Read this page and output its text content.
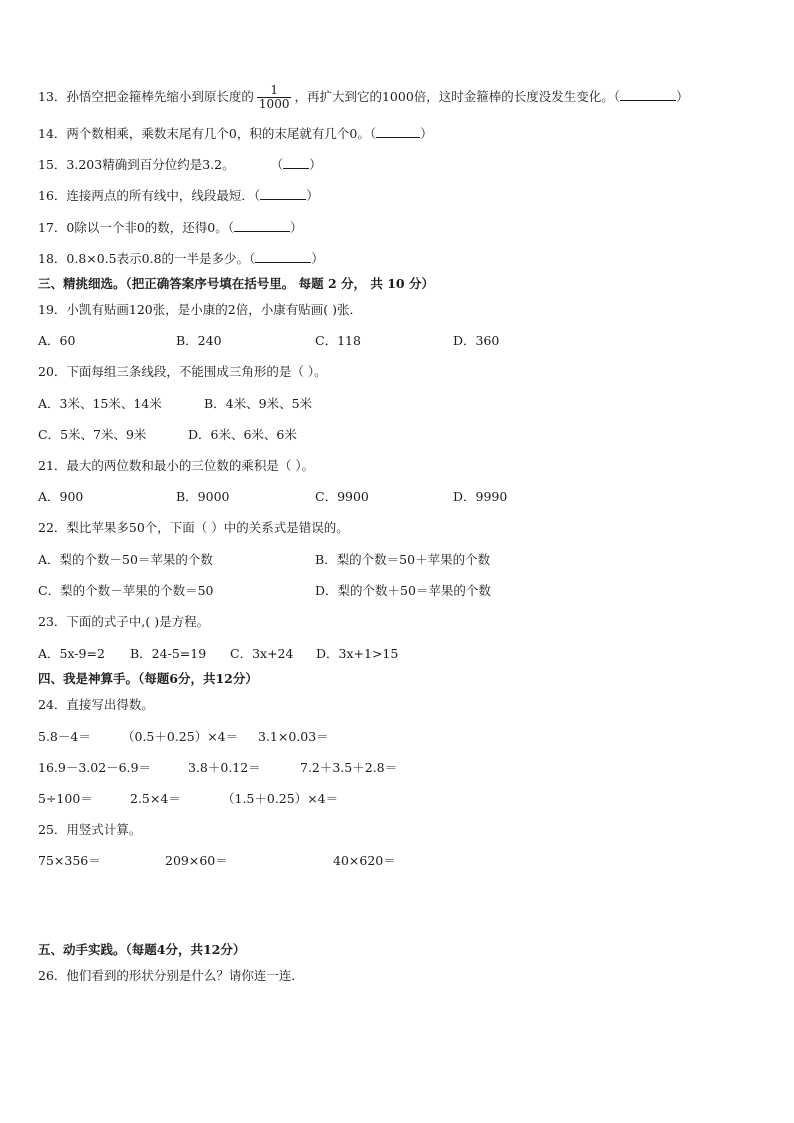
13．孙悟空把金箍棒先缩小到原长度的 $\frac{1}{1000}$ ，再扩大到它的1000倍，这时金箍棒的长度没发生变化。（	）
14．两个数相乘，乘数末尾有几个0，积的末尾就有几个0。（	）
15．3.203精确到百分位约是3.2。	（ ）
16．连接两点的所有线中，线段最短．（	）
17．0除以一个非0的数，还得0。（	）
18．0.8×0.5表示0.8的一半是多少。（	）
三、精挑细选。（把正确答案序号填在括号里。 每题 2 分， 共 10 分）
19．小凯有贴画120张，是小康的2倍，小康有贴画( )张．
A．60	B．240	C．118	D．360
20．下面每组三条线段，不能围成三角形的是（ ）。
A．3米、15米、14米	B．4米、9米、5米
C．5米、7米、9米	D．6米、6米、6米
21．最大的两位数和最小的三位数的乘积是（ ）。
A．900	B．9000	C．9900	D．9990
22．梨比苹果多50个，下面（ ）中的关系式是错误的。
A．梨的个数－50＝苹果的个数	B．梨的个数＝50＋苹果的个数
C．梨的个数－苹果的个数＝50	D．梨的个数＋50＝苹果的个数
23．下面的式子中,( )是方程。
A．5x-9=2 B．24-5=19 C．3x+24 D．3x+1>15
四、我是神算手。（每题6分，共12分）
24．直接写出得数。
5.8－4＝ （0.5＋0.25）×4＝ 3.1×0.03＝
16.9－3.02－6.9＝	3.8＋0.12＝	7.2＋3.5＋2.8＝
5÷100＝	2.5×4＝	（1.5＋0.25）×4＝
25．用竖式计算。
75×356＝	209×60＝	40×620＝
五、动手实践。（每题4分，共12分）
26．他们看到的形状分别是什么？请你连一连．
